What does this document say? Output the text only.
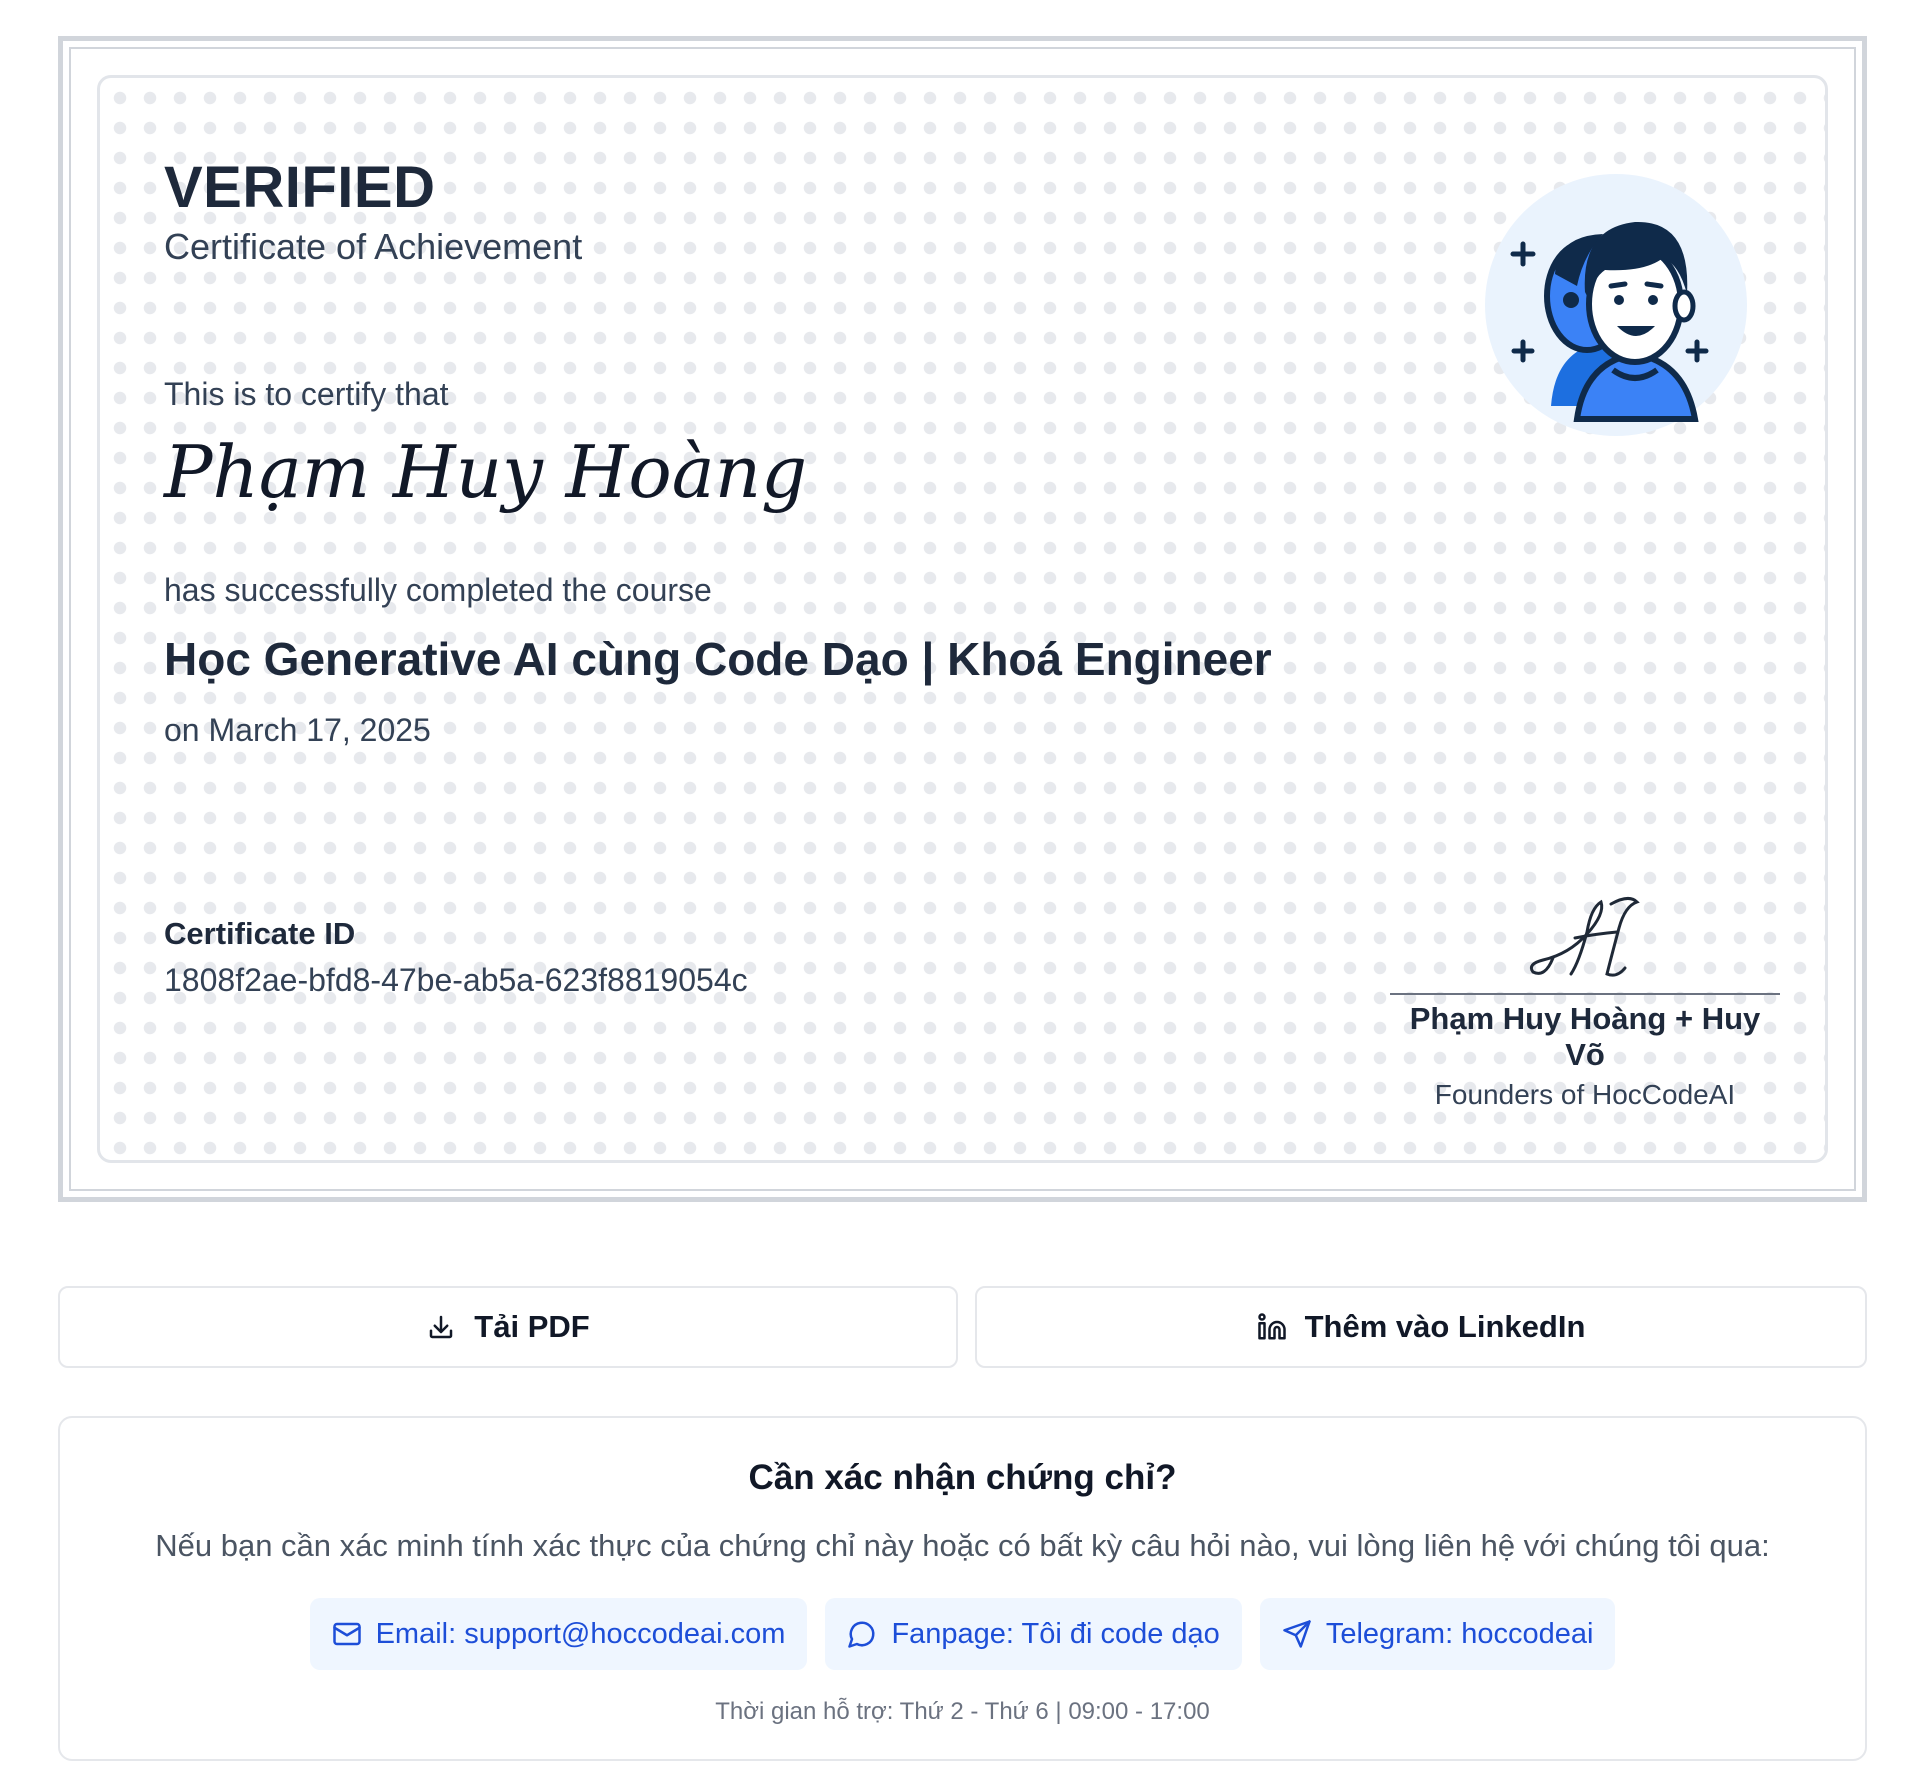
VERIFIED
Certificate of Achievement
This is to certify that
Phạm Huy Hoàng
has successfully completed the course
Học Generative AI cùng Code Dạo | Khoá Engineer
on March 17, 2025
Certificate ID
1808f2ae-bfd8-47be-ab5a-623f8819054c
Phạm Huy Hoàng + Huy Võ
Founders of HocCodeAI
Tải PDF	Thêm vào LinkedIn
Cần xác nhận chứng chỉ?
Nếu bạn cần xác minh tính xác thực của chứng chỉ này hoặc có bất kỳ câu hỏi nào, vui lòng liên hệ với chúng tôi qua:
Email: support@hoccodeai.com	Fanpage: Tôi đi code dạo	Telegram: hoccodeai
Thời gian hỗ trợ: Thứ 2 - Thứ 6 | 09:00 - 17:00
